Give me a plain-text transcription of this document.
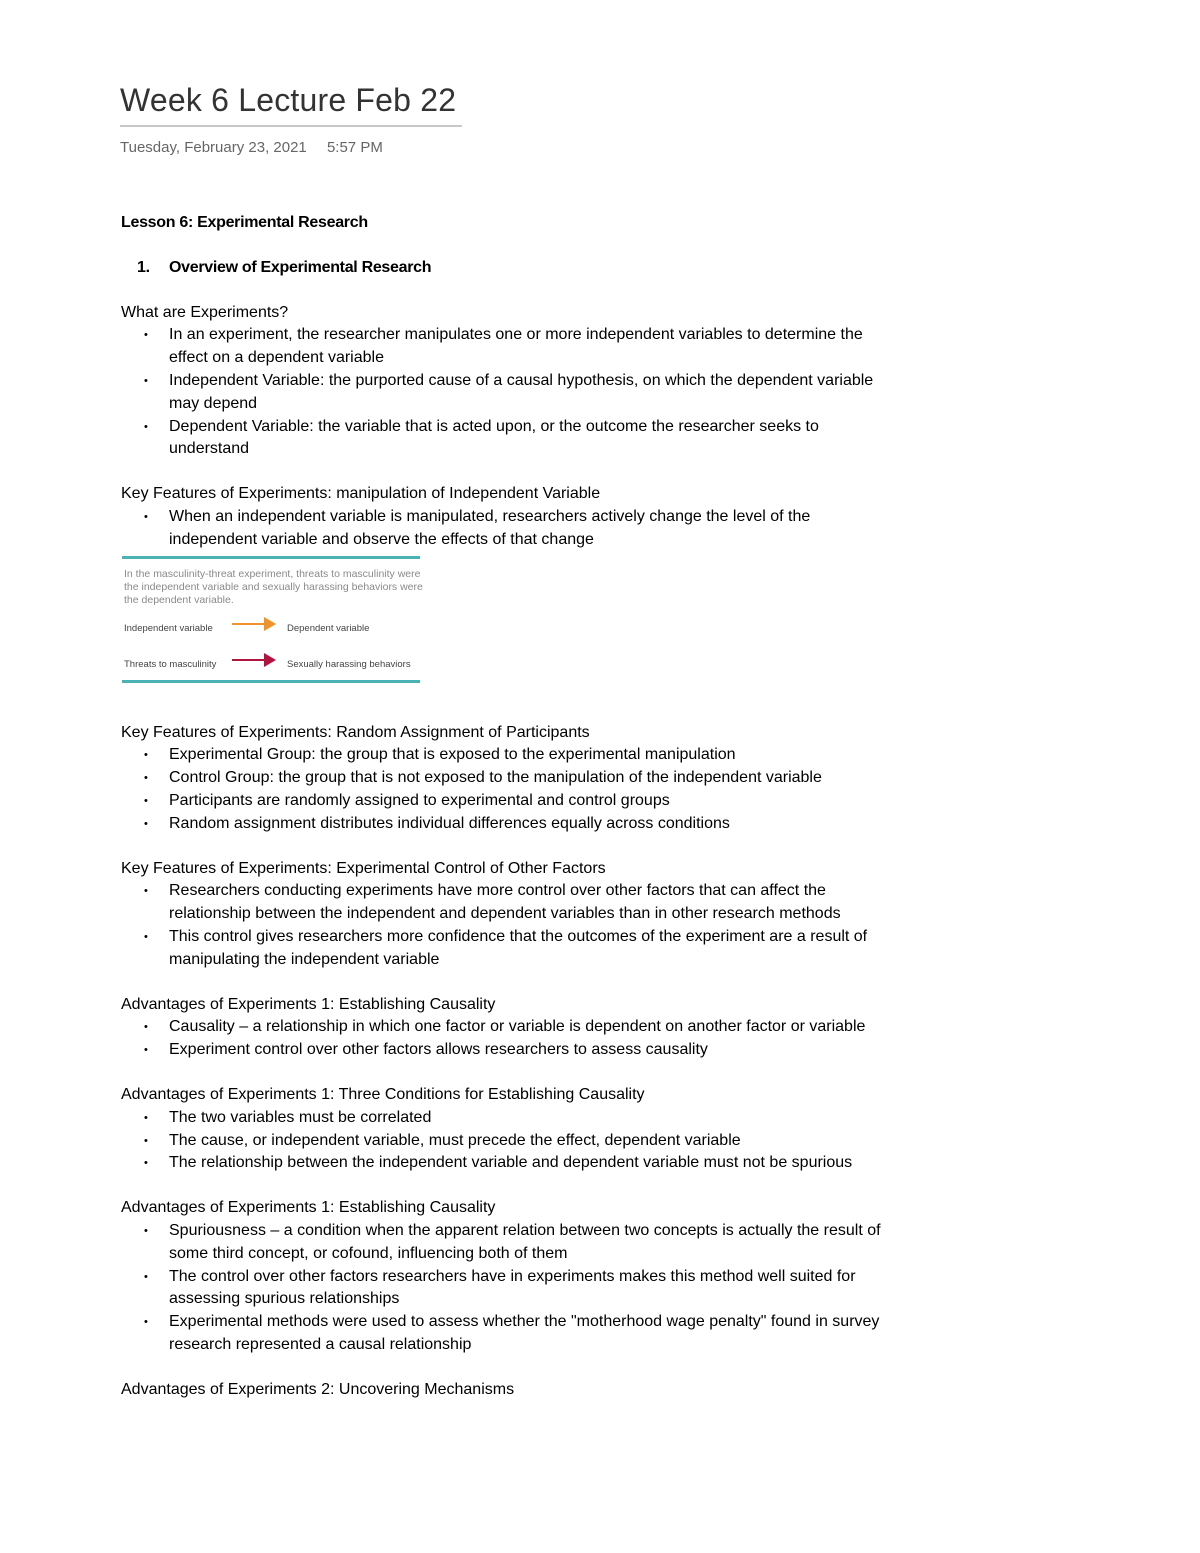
Week 6 Lecture Feb 22
Tuesday, February 23, 2021 5:57 PM
Lesson 6: Experimental Research
1. Overview of Experimental Research
What are Experiments?
• In an experiment, the researcher manipulates one or more independent variables to determine the effect on a dependent variable
• Independent Variable: the purported cause of a causal hypothesis, on which the dependent variable may depend
• Dependent Variable: the variable that is acted upon, or the outcome the researcher seeks to understand
Key Features of Experiments: manipulation of Independent Variable
• When an independent variable is manipulated, researchers actively change the level of the independent variable and observe the effects of that change
In the masculinity-threat experiment, threats to masculinity were the independent variable and sexually harassing behaviors were the dependent variable.
Independent variable	Dependent variable
Threats to masculinity	Sexually harassing behaviors
Key Features of Experiments: Random Assignment of Participants
• Experimental Group: the group that is exposed to the experimental manipulation
• Control Group: the group that is not exposed to the manipulation of the independent variable
• Participants are randomly assigned to experimental and control groups
• Random assignment distributes individual differences equally across conditions
Key Features of Experiments: Experimental Control of Other Factors
• Researchers conducting experiments have more control over other factors that can affect the relationship between the independent and dependent variables than in other research methods
• This control gives researchers more confidence that the outcomes of the experiment are a result of manipulating the independent variable
Advantages of Experiments 1: Establishing Causality
• Causality – a relationship in which one factor or variable is dependent on another factor or variable
• Experiment control over other factors allows researchers to assess causality
Advantages of Experiments 1: Three Conditions for Establishing Causality
• The two variables must be correlated
• The cause, or independent variable, must precede the effect, dependent variable
• The relationship between the independent variable and dependent variable must not be spurious
Advantages of Experiments 1: Establishing Causality
• Spuriousness – a condition when the apparent relation between two concepts is actually the result of some third concept, or cofound, influencing both of them
• The control over other factors researchers have in experiments makes this method well suited for assessing spurious relationships
• Experimental methods were used to assess whether the "motherhood wage penalty" found in survey research represented a causal relationship
Advantages of Experiments 2: Uncovering Mechanisms
